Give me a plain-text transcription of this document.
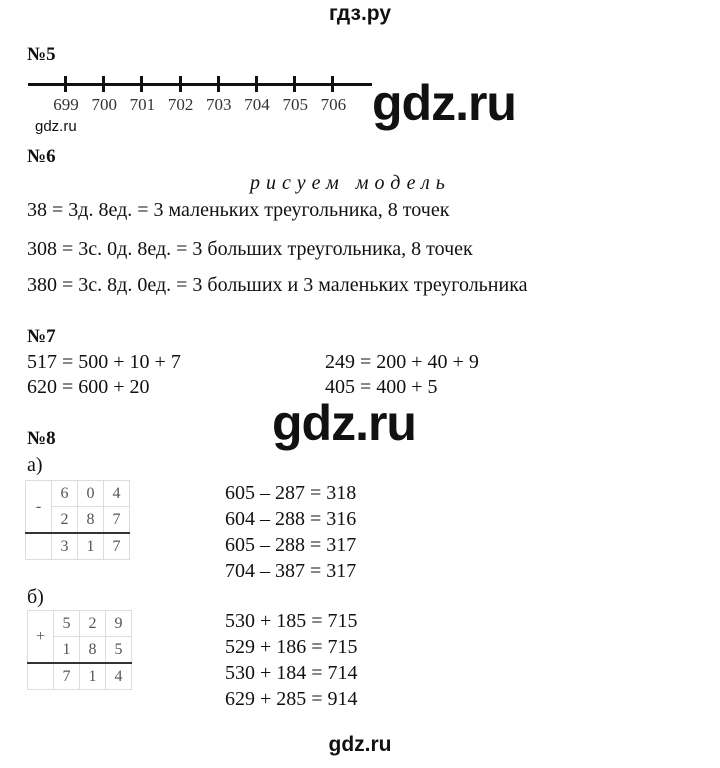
гдз.ру
№5
699 700 701 702 703 704 705 706
gdz.ru	gdz.ru
№6
рисуем модель
38 = 3д. 8ед. = 3 маленьких треугольника, 8 точек
308 = 3с. 0д. 8ед. = 3 больших треугольника, 8 точек
380 = 3с. 8д. 0ед. = 3 больших и 3 маленьких треугольника
№7
517 = 500 + 10 + 7
620 = 600 + 20
249 = 200 + 40 + 9
405 = 400 + 5
gdz.ru
№8
а)
-	6	0	4
	2	8	7
	3	1	7
605 – 287 = 318
604 – 288 = 316
605 – 288 = 317
704 – 387 = 317
б)
+	5	2	9
	1	8	5
	7	1	4
530 + 185 = 715
529 + 186 = 715
530 + 184 = 714
629 + 285 = 914
gdz.ru
